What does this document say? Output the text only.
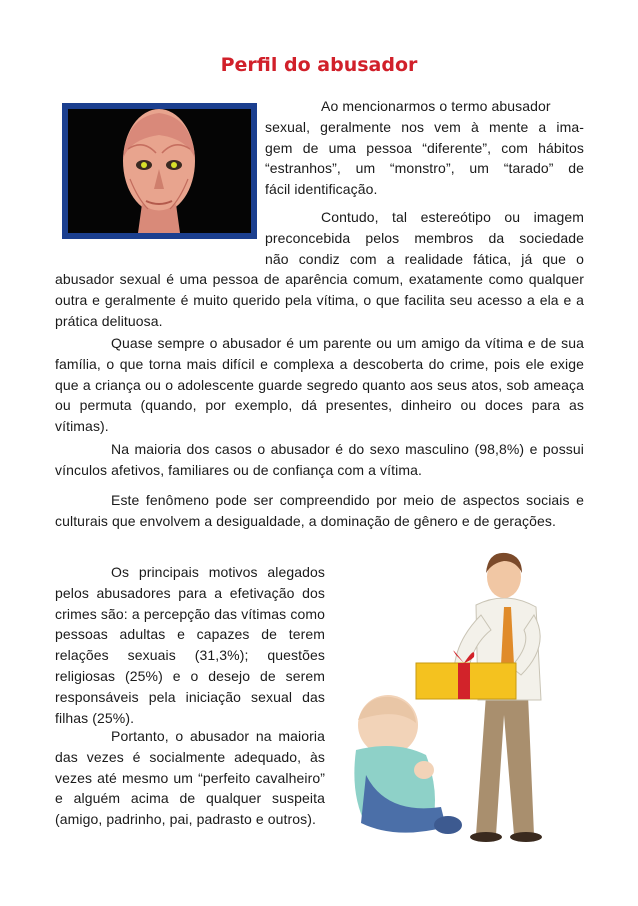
Perfil do abusador
Ao mencionarmos o termo abusador
sexual, geralmente nos vem à mente a ima-
gem de uma pessoa “diferente”, com hábitos
“estranhos”, um “monstro”, um “tarado” de
fácil identificação.
Contudo, tal estereótipo ou imagem
preconcebida pelos membros da sociedade
não condiz com a realidade fática, já que o
abusador sexual é uma pessoa de aparência comum, exatamente como qualquer outra e geralmente é muito querido pela vítima, o que facilita seu acesso a ela e a prática delituosa.

Quase sempre o abusador é um parente ou um amigo da vítima e de sua família, o que torna mais difícil e complexa a descoberta do crime, pois ele exige que a criança ou o adolescente guarde segredo quanto aos seus atos, sob ameaça ou permuta (quando, por exemplo, dá presentes, dinheiro ou doces para as vítimas).

Na maioria dos casos o abusador é do sexo masculino (98,8%) e possui vínculos afetivos, familiares ou de confiança com a vítima.

Este fenômeno pode ser compreendido por meio de aspectos sociais e culturais que envolvem a desigualdade, a dominação de gênero e de gerações.

Os principais motivos alegados pelos abusadores para a efetivação dos crimes são: a percepção das vítimas como pessoas adultas e capazes de terem relações sexuais (31,3%); questões religiosas (25%) e o desejo de serem responsáveis pela iniciação sexual das filhas (25%).

Portanto, o abusador na maioria das vezes é socialmente adequado, às vezes até mesmo um “perfeito cavalheiro” e alguém acima de qualquer suspeita (amigo, padrinho, pai, padrasto e outros).
